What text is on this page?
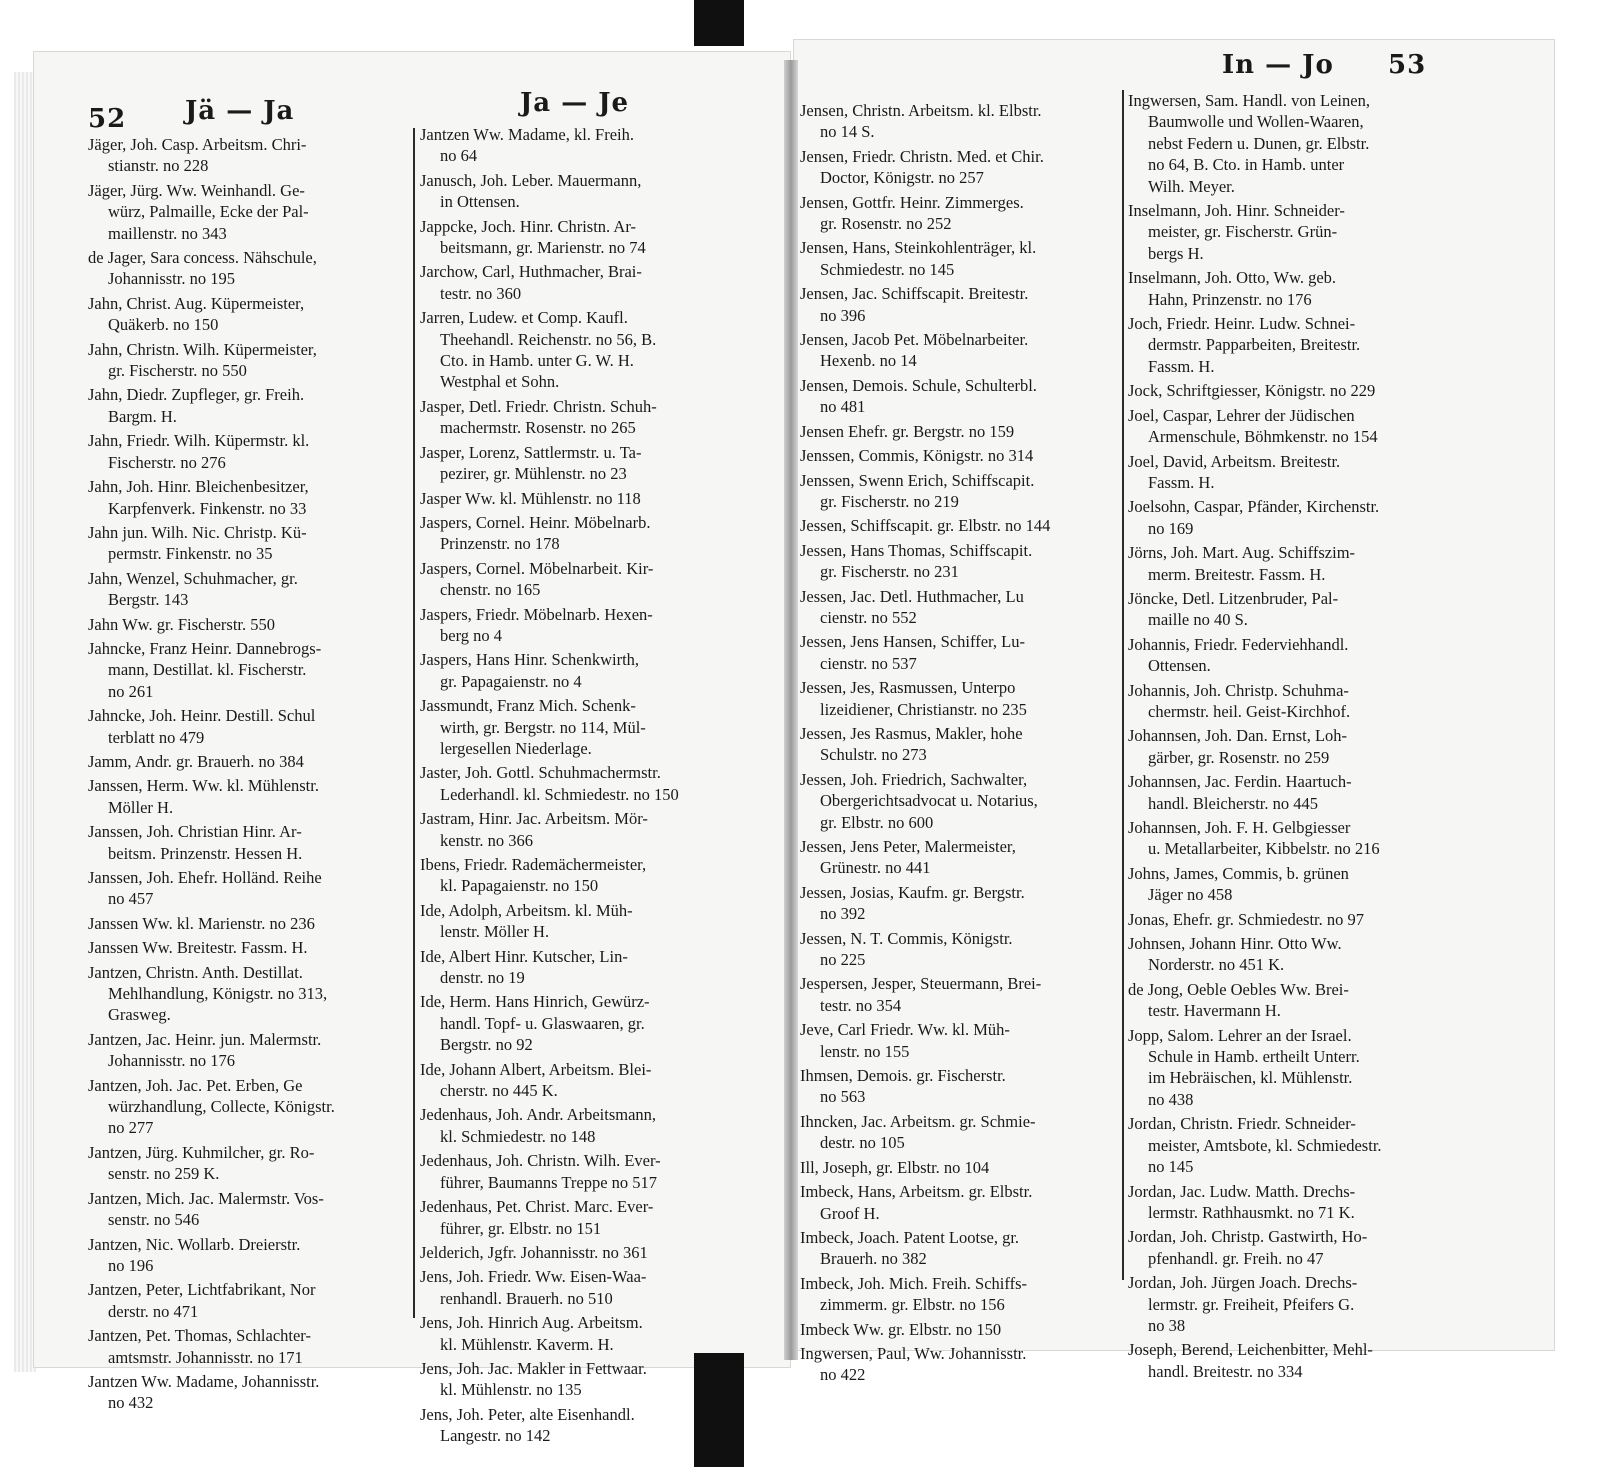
52 Jä — Ja	Ja — Je
In — Jo 53
Jäger, Joh. Casp. Arbeitsm. Chri-
stianstr. no 228
Jäger, Jürg. Ww. Weinhandl. Ge-
würz, Palmaille, Ecke der Pal-
maillenstr. no 343
de Jager, Sara concess. Nähschule,
Johannisstr. no 195
Jahn, Christ. Aug. Küpermeister,
Quäkerb. no 150
Jahn, Christn. Wilh. Küpermeister,
gr. Fischerstr. no 550
Jahn, Diedr. Zupfleger, gr. Freih.
Bargm. H.
Jahn, Friedr. Wilh. Küpermstr. kl.
Fischerstr. no 276
Jahn, Joh. Hinr. Bleichenbesitzer,
Karpfenverk. Finkenstr. no 33
Jahn jun. Wilh. Nic. Christp. Kü-
permstr. Finkenstr. no 35
Jahn, Wenzel, Schuhmacher, gr.
Bergstr. 143
Jahn Ww. gr. Fischerstr. 550
Jahncke, Franz Heinr. Dannebrogs-
mann, Destillat. kl. Fischerstr.
no 261
Jahncke, Joh. Heinr. Destill. Schul
terblatt no 479
Jamm, Andr. gr. Brauerh. no 384
Janssen, Herm. Ww. kl. Mühlenstr.
Möller H.
Janssen, Joh. Christian Hinr. Ar-
beitsm. Prinzenstr. Hessen H.
Janssen, Joh. Ehefr. Holländ. Reihe
no 457
Janssen Ww. kl. Marienstr. no 236
Janssen Ww. Breitestr. Fassm. H.
Jantzen, Christn. Anth. Destillat.
Mehlhandlung, Königstr. no 313,
Grasweg.
Jantzen, Jac. Heinr. jun. Malermstr.
Johannisstr. no 176
Jantzen, Joh. Jac. Pet. Erben, Ge
würzhandlung, Collecte, Königstr.
no 277
Jantzen, Jürg. Kuhmilcher, gr. Ro-
senstr. no 259 K.
Jantzen, Mich. Jac. Malermstr. Vos-
senstr. no 546
Jantzen, Nic. Wollarb. Dreierstr.
no 196
Jantzen, Peter, Lichtfabrikant, Nor
derstr. no 471
Jantzen, Pet. Thomas, Schlachter-
amtsmstr. Johannisstr. no 171
Jantzen Ww. Madame, Johannisstr.
no 432
Jantzen Ww. Madame, kl. Freih.
no 64
Janusch, Joh. Leber. Mauermann,
in Ottensen.
Jappcke, Joch. Hinr. Christn. Ar-
beitsmann, gr. Marienstr. no 74
Jarchow, Carl, Huthmacher, Brai-
testr. no 360
Jarren, Ludew. et Comp. Kaufl.
Theehandl. Reichenstr. no 56, B.
Cto. in Hamb. unter G. W. H.
Westphal et Sohn.
Jasper, Detl. Friedr. Christn. Schuh-
machermstr. Rosenstr. no 265
Jasper, Lorenz, Sattlermstr. u. Ta-
pezirer, gr. Mühlenstr. no 23
Jasper Ww. kl. Mühlenstr. no 118
Jaspers, Cornel. Heinr. Möbelnarb.
Prinzenstr. no 178
Jaspers, Cornel. Möbelnarbeit. Kir-
chenstr. no 165
Jaspers, Friedr. Möbelnarb. Hexen-
berg no 4
Jaspers, Hans Hinr. Schenkwirth,
gr. Papagaienstr. no 4
Jassmundt, Franz Mich. Schenk-
wirth, gr. Bergstr. no 114, Mül-
lergesellen Niederlage.
Jaster, Joh. Gottl. Schuhmachermstr.
Lederhandl. kl. Schmiedestr. no 150
Jastram, Hinr. Jac. Arbeitsm. Mör-
kenstr. no 366
Ibens, Friedr. Rademächermeister,
kl. Papagaienstr. no 150
Ide, Adolph, Arbeitsm. kl. Müh-
lenstr. Möller H.
Ide, Albert Hinr. Kutscher, Lin-
denstr. no 19
Ide, Herm. Hans Hinrich, Gewürz-
handl. Topf- u. Glaswaaren, gr.
Bergstr. no 92
Ide, Johann Albert, Arbeitsm. Blei-
cherstr. no 445 K.
Jedenhaus, Joh. Andr. Arbeitsmann,
kl. Schmiedestr. no 148
Jedenhaus, Joh. Christn. Wilh. Ever-
führer, Baumanns Treppe no 517
Jedenhaus, Pet. Christ. Marc. Ever-
führer, gr. Elbstr. no 151
Jelderich, Jgfr. Johannisstr. no 361
Jens, Joh. Friedr. Ww. Eisen-Waa-
renhandl. Brauerh. no 510
Jens, Joh. Hinrich Aug. Arbeitsm.
kl. Mühlenstr. Kaverm. H.
Jens, Joh. Jac. Makler in Fettwaar.
kl. Mühlenstr. no 135
Jens, Joh. Peter, alte Eisenhandl.
Langestr. no 142
Jensen, Christn. Arbeitsm. kl. Elbstr.
no 14 S.
Jensen, Friedr. Christn. Med. et Chir.
Doctor, Königstr. no 257
Jensen, Gottfr. Heinr. Zimmerges.
gr. Rosenstr. no 252
Jensen, Hans, Steinkohlenträger, kl.
Schmiedestr. no 145
Jensen, Jac. Schiffscapit. Breitestr.
no 396
Jensen, Jacob Pet. Möbelnarbeiter.
Hexenb. no 14
Jensen, Demois. Schule, Schulterbl.
no 481
Jensen Ehefr. gr. Bergstr. no 159
Jenssen, Commis, Königstr. no 314
Jenssen, Swenn Erich, Schiffscapit.
gr. Fischerstr. no 219
Jessen, Schiffscapit. gr. Elbstr. no 144
Jessen, Hans Thomas, Schiffscapit.
gr. Fischerstr. no 231
Jessen, Jac. Detl. Huthmacher, Lu
cienstr. no 552
Jessen, Jens Hansen, Schiffer, Lu-
cienstr. no 537
Jessen, Jes, Rasmussen, Unterpo
lizeidiener, Christianstr. no 235
Jessen, Jes Rasmus, Makler, hohe
Schulstr. no 273
Jessen, Joh. Friedrich, Sachwalter,
Obergerichtsadvocat u. Notarius,
gr. Elbstr. no 600
Jessen, Jens Peter, Malermeister,
Grünestr. no 441
Jessen, Josias, Kaufm. gr. Bergstr.
no 392
Jessen, N. T. Commis, Königstr.
no 225
Jespersen, Jesper, Steuermann, Brei-
testr. no 354
Jeve, Carl Friedr. Ww. kl. Müh-
lenstr. no 155
Ihmsen, Demois. gr. Fischerstr.
no 563
Ihncken, Jac. Arbeitsm. gr. Schmie-
destr. no 105
Ill, Joseph, gr. Elbstr. no 104
Imbeck, Hans, Arbeitsm. gr. Elbstr.
Groof H.
Imbeck, Joach. Patent Lootse, gr.
Brauerh. no 382
Imbeck, Joh. Mich. Freih. Schiffs-
zimmerm. gr. Elbstr. no 156
Imbeck Ww. gr. Elbstr. no 150
Ingwersen, Paul, Ww. Johannisstr.
no 422
Ingwersen, Sam. Handl. von Leinen,
Baumwolle und Wollen-Waaren,
nebst Federn u. Dunen, gr. Elbstr.
no 64, B. Cto. in Hamb. unter
Wilh. Meyer.
Inselmann, Joh. Hinr. Schneider-
meister, gr. Fischerstr. Grün-
bergs H.
Inselmann, Joh. Otto, Ww. geb.
Hahn, Prinzenstr. no 176
Joch, Friedr. Heinr. Ludw. Schnei-
dermstr. Papparbeiten, Breitestr.
Fassm. H.
Jock, Schriftgiesser, Königstr. no 229
Joel, Caspar, Lehrer der Jüdischen
Armenschule, Böhmkenstr. no 154
Joel, David, Arbeitsm. Breitestr.
Fassm. H.
Joelsohn, Caspar, Pfänder, Kirchenstr.
no 169
Jörns, Joh. Mart. Aug. Schiffszim-
merm. Breitestr. Fassm. H.
Jöncke, Detl. Litzenbruder, Pal-
maille no 40 S.
Johannis, Friedr. Federviehhandl.
Ottensen.
Johannis, Joh. Christp. Schuhma-
chermstr. heil. Geist-Kirchhof.
Johannsen, Joh. Dan. Ernst, Loh-
gärber, gr. Rosenstr. no 259
Johannsen, Jac. Ferdin. Haartuch-
handl. Bleicherstr. no 445
Johannsen, Joh. F. H. Gelbgiesser
u. Metallarbeiter, Kibbelstr. no 216
Johns, James, Commis, b. grünen
Jäger no 458
Jonas, Ehefr. gr. Schmiedestr. no 97
Johnsen, Johann Hinr. Otto Ww.
Norderstr. no 451 K.
de Jong, Oeble Oebles Ww. Brei-
testr. Havermann H.
Jopp, Salom. Lehrer an der Israel.
Schule in Hamb. ertheilt Unterr.
im Hebräischen, kl. Mühlenstr.
no 438
Jordan, Christn. Friedr. Schneider-
meister, Amtsbote, kl. Schmiedestr.
no 145
Jordan, Jac. Ludw. Matth. Drechs-
lermstr. Rathhausmkt. no 71 K.
Jordan, Joh. Christp. Gastwirth, Ho-
pfenhandl. gr. Freih. no 47
Jordan, Joh. Jürgen Joach. Drechs-
lermstr. gr. Freiheit, Pfeifers G.
no 38
Joseph, Berend, Leichenbitter, Mehl-
handl. Breitestr. no 334
